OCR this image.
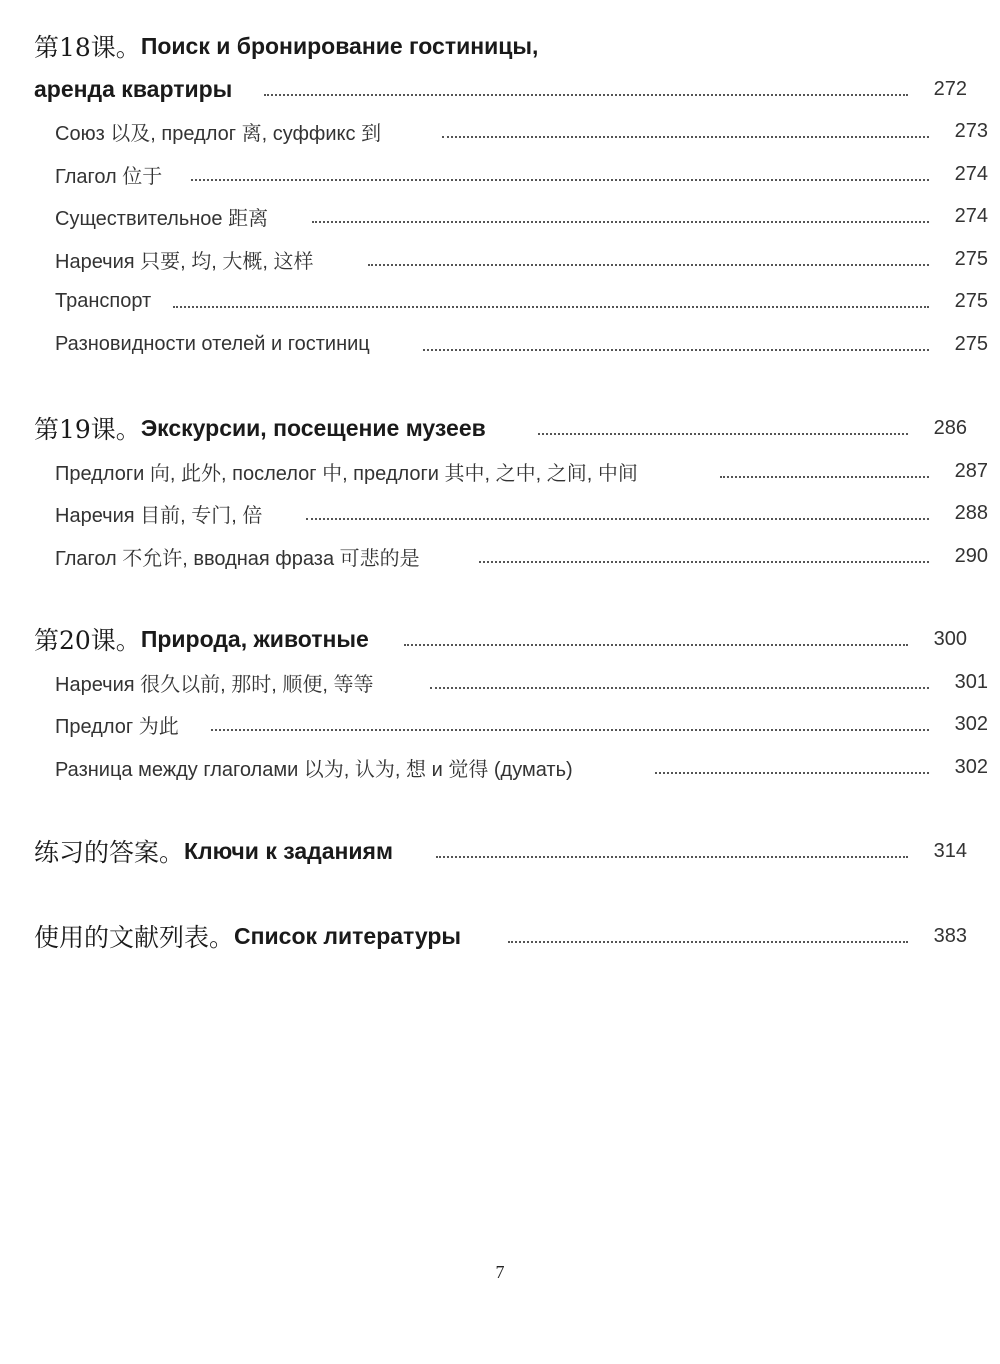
第18课。 Поиск и бронирование гостиницы,
аренда квартиры	272
Союз 以及, предлог 离, суффикс 到	273
Глагол 位于	274
Существительное 距离	274
Наречия 只要, 均, 大概, 这样	275
Транспорт	275
Разновидности отелей и гостиниц	275
第19课。 Экскурсии, посещение музеев	286
Предлоги 向, 此外, послелог 中, предлоги 其中, 之中, 之间, 中间	287
Наречия 目前, 专门, 倍	288
Глагол 不允许, вводная фраза 可悲的是	290
第20课。 Природа, животные	300
Наречия 很久以前, 那时, 顺便, 等等	301
Предлог 为此	302
Разница между глаголами 以为, 认为, 想 и 觉得 (думать)	302
练习的答案。 Ключи к заданиям	314
使用的文献列表。 Список литературы	383
7
